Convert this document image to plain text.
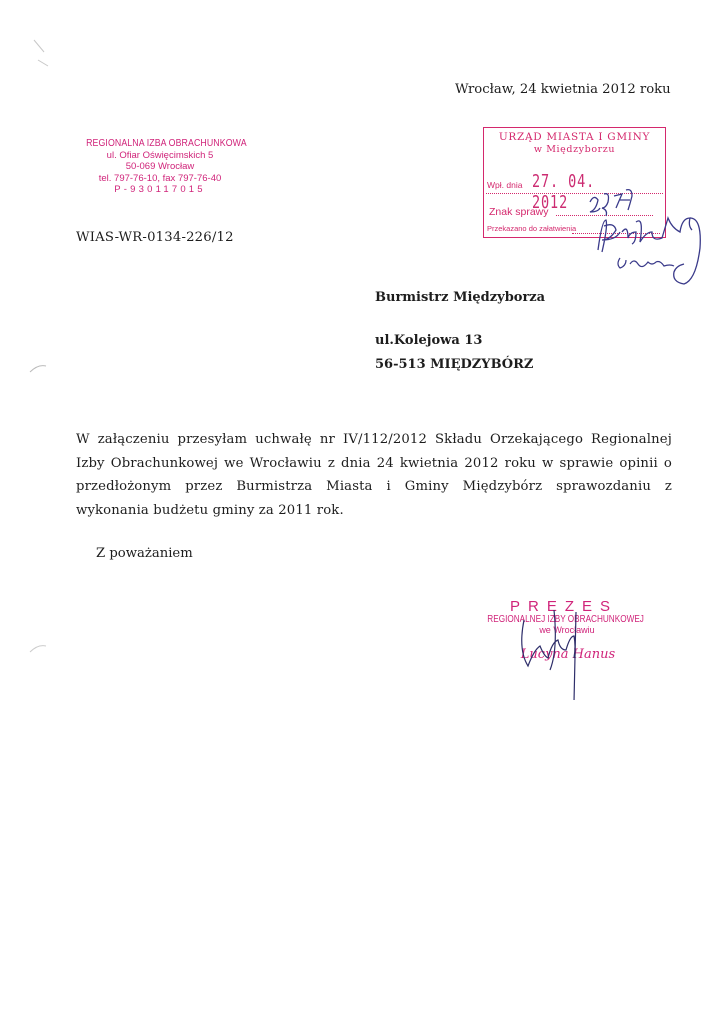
Wrocław, 24 kwietnia 2012 roku
REGIONALNA IZBA OBRACHUNKOWA
ul. Ofiar Oświęcimskich 5
50-069 Wrocław
tel. 797-76-10, fax 797-76-40
P-930117015
WIAS-WR-0134-226/12
URZĄD MIASTA I GMINY
w Międzyborzu
Wpł. dnia 27. 04. 2012
Znak sprawy
Przekazano do załatwienia
Burmistrz Międzyborza
ul.Kolejowa 13
56-513 MIĘDZYBÓRZ
W załączeniu przesyłam uchwałę nr IV/112/2012 Składu Orzekającego Regionalnej Izby Obrachunkowej we Wrocławiu z dnia 24 kwietnia 2012 roku w sprawie opinii o przedłożonym przez Burmistrza Miasta i Gminy Międzybórz sprawozdaniu z wykonania budżetu gminy za 2011 rok.
Z poważaniem
PREZES
REGIONALNEJ IZBY OBRACHUNKOWEJ
we Wrocławiu
Lucyna Hanus
